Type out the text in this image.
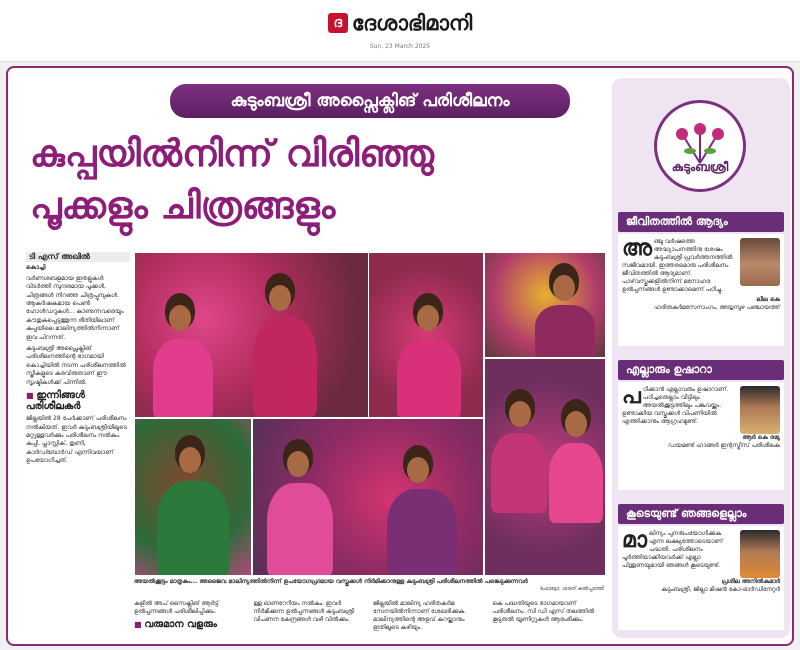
ദ ദേശാഭിമാനി
Sun, 23 March 2025
കുടുംബശ്രീ അപ്സൈക്ലിങ് പരിശീലനം
കുപ്പയിൽനിന്ന് വിരിഞ്ഞു
പൂക്കളും ചിത്രങ്ങളും
ടി എസ് അഖിൽ
കൊച്ചി

വർണശബളമായ ഇതളുകൾ വിടർത്തി സുന്ദരമായ പൂക്കൾ, ചിത്രങ്ങൾ നിറഞ്ഞ ചിത്രപ്പൂമ്പുകൾ. ആകർഷകമായ പെൺ ഹോൾഡറുകൾ... കാണുന്നവരെയും കൗതുകപ്പെടുത്തുന്ന രീതിയിലാണ് കുപ്പയിലെ മാലിന്യത്തിൽനിന്നാണ് ഇവ പിറന്നത്.

കുടുംബശ്രീ അപ്സൈക്ലിങ് പരിശീലനത്തിന്റെ ഭാഗമായി കൊച്ചിയിൽ നടന്ന പരിശീലനത്തിൽ സ്ത്രീകളുടെ കരവിരുതാണ് ഈ സൃഷ്ടികൾക്ക് പിന്നിൽ.

■ ഇന്നിങ്ങൾ പരിശീലകർ

ജില്ലയിൽ 28 പേർക്കാണ് പരിശീലനം നൽകിയത്. ഇവർ കുടുംബശ്രീയിലൂടെ മറ്റുള്ളവർക്കും പരിശീലനം നൽകും. കുപ്പി, പ്ലാസ്റ്റിക്, തുണി, കാർഡ്ബോർഡ് എന്നിവയാണ് ഉപയോഗിച്ചത്.

അയൽക്കൂട്ടം മാതൃകം... അജൈവ മാലിന്യത്തിൽനിന്ന് ഉപയോഗപ്രദമായ വസ്തുക്കൾ നിർമിക്കാനുള്ള കുടുംബശ്രീ പരിശീലനത്തിൽ പങ്കെടുക്കുന്നവർ
ഫോട്ടോ: ശരത് കൽപ്പാത്തി

കളിൽ അപ് സൈക്ലിങ് ആർട്ട് ഉൽപ്പന്നങ്ങൾ പരിശീലിപ്പിക്കും.

■ വരുമാന വളരും

ള്ള ഓണറേറിയം നൽകും. ഇവർ നിർമിക്കുന്ന ഉൽപ്പന്നങ്ങൾ കുടുംബശ്രീ വിപണന കേന്ദ്രങ്ങൾ വഴി വിൽക്കും.

ജില്ലയിൽ മാലിന്യ ഹരിതകർമ സേനയിൽനിന്നാണ് ശേഖരിക്കുക. മാലിന്യത്തിന്റെ അളവ് കുറയ്ക്കാനും ഇതിലൂടെ കഴിയും.

കെ പദ്ധതിയുടെ ഭാഗമായാണ് പരിശീലനം. സി ഡി എസ് തലത്തിൽ കൂടുതൽ യൂണിറ്റുകൾ ആരംഭിക്കും.

കുടുംബശ്രീ
ജീവിതത്തിൽ ആദ്യം
അ ഞ്ചു വർഷത്തെ അദ്ധ്യാപനത്തിനു ശേഷം കുടുംബശ്രീ പ്രവർത്തനത്തിൽ സജീവമായി. ഇത്തരമൊരു പരിശീലനം ജീവിതത്തിൽ ആദ്യമാണ്. പാഴ്‌വസ്തുക്കളിൽനിന്ന് മനോഹര ഉൽപ്പന്നങ്ങൾ ഉണ്ടാക്കാമെന്ന് പഠിച്ചു.
ലീല കെ
ഹരിതകർമസേനാംഗം, അയ്യമ്പുഴ പഞ്ചായത്ത്
എല്ലാരും ഉഷാറാ
പ ഠിക്കാൻ എല്ലാവരും ഉഷാറാണ്. പഠിച്ചതെല്ലാം വീട്ടിലും അയൽക്കൂട്ടത്തിലും പങ്കുവയ്ക്കും. ഉണ്ടാക്കിയ വസ്തുക്കൾ വിപണിയിൽ എത്തിക്കാനും ആഗ്രഹമുണ്ട്.
ആർ കെ രമ്യ
ഡയമണ്ട് ഹാങ്ങർ ഇന്റസ്ട്രീസ് പരിശീലക
കൂടെയുണ്ട് ഞങ്ങളെല്ലാം
മാ ലിന്യം പുനരുപയോഗിക്കുക എന്ന ലക്ഷ്യത്തോടെയാണ് പദ്ധതി. പരിശീലനം പൂർത്തിയാക്കിയവർക്ക് എല്ലാ പിന്തുണയുമായി ഞങ്ങൾ കൂടെയുണ്ട്.
പ്രശീല അനിൽകുമാർ
കുടുംബശ്രീ, ജില്ലാ മിഷൻ കോ-ഓർഡിനേറ്റർ
